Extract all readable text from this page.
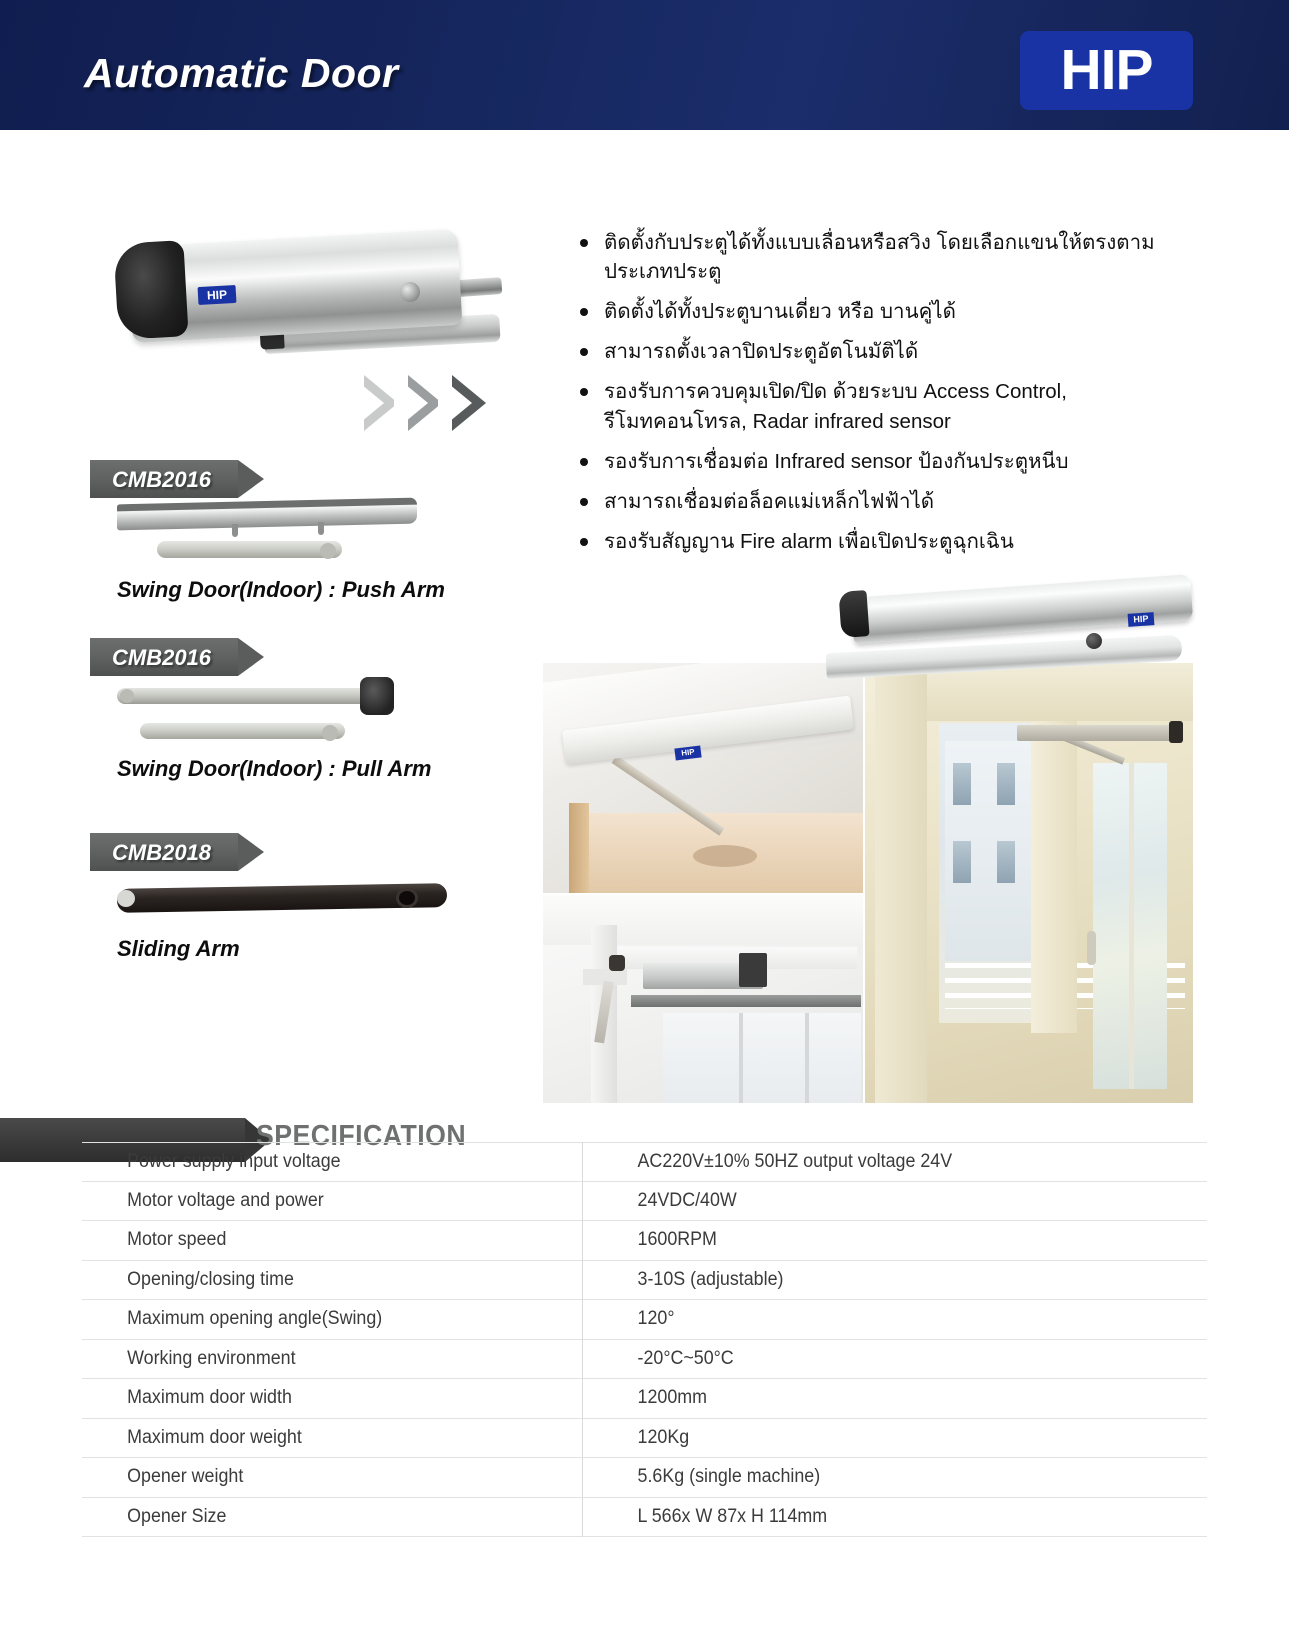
Automatic Door	HIP
HIP
CMB2016
Swing Door(Indoor) : Push Arm
CMB2016
Swing Door(Indoor) : Pull Arm
CMB2018
Sliding Arm
ติดตั้งกับประตูได้ทั้งแบบเลื่อนหรือสวิง โดยเลือกแขนให้ตรงตามประเภทประตู
ติดตั้งได้ทั้งประตูบานเดี่ยว หรือ บานคู่ได้
สามารถตั้งเวลาปิดประตูอัตโนมัติได้
รองรับการควบคุมเปิด/ปิด ด้วยระบบ Access Control, รีโมทคอนโทรล, Radar infrared sensor
รองรับการเชื่อมต่อ Infrared sensor ป้องกันประตูหนีบ
สามารถเชื่อมต่อล็อคแม่เหล็กไฟฟ้าได้
รองรับสัญญาน Fire alarm เพื่อเปิดประตูฉุกเฉิน
HIP
HIP
SPECIFICATION
Power supply input voltage	AC220V±10% 50HZ output voltage 24V
Motor voltage and power	24VDC/40W
Motor speed	1600RPM
Opening/closing time	3-10S (adjustable)
Maximum opening angle(Swing)	120°
Working environment	-20°C~50°C
Maximum door width	1200mm
Maximum door weight	120Kg
Opener weight	5.6Kg (single machine)
Opener Size	L 566x W 87x H 114mm
